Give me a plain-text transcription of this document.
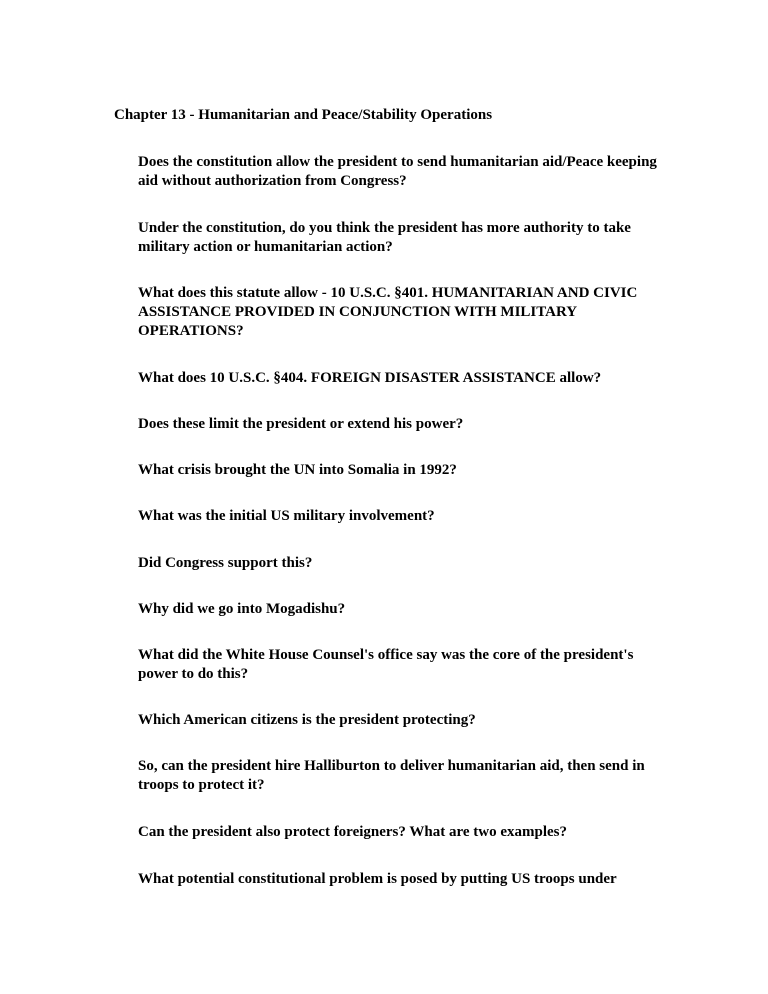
Chapter 13 - Humanitarian and Peace/Stability Operations

Does the constitution allow the president to send humanitarian aid/Peace keeping aid without authorization from Congress?

Under the constitution, do you think the president has more authority to take military action or humanitarian action?

What does this statute allow - 10 U.S.C. §401. HUMANITARIAN AND CIVIC ASSISTANCE PROVIDED IN CONJUNCTION WITH MILITARY OPERATIONS?

What does 10 U.S.C. §404. FOREIGN DISASTER ASSISTANCE allow?

Does these limit the president or extend his power?

What crisis brought the UN into Somalia in 1992?

What was the initial US military involvement?

Did Congress support this?

Why did we go into Mogadishu?

What did the White House Counsel's office say was the core of the president's power to do this?

Which American citizens is the president protecting?

So, can the president hire Halliburton to deliver humanitarian aid, then send in troops to protect it?

Can the president also protect foreigners? What are two examples?

What potential constitutional problem is posed by putting US troops under
